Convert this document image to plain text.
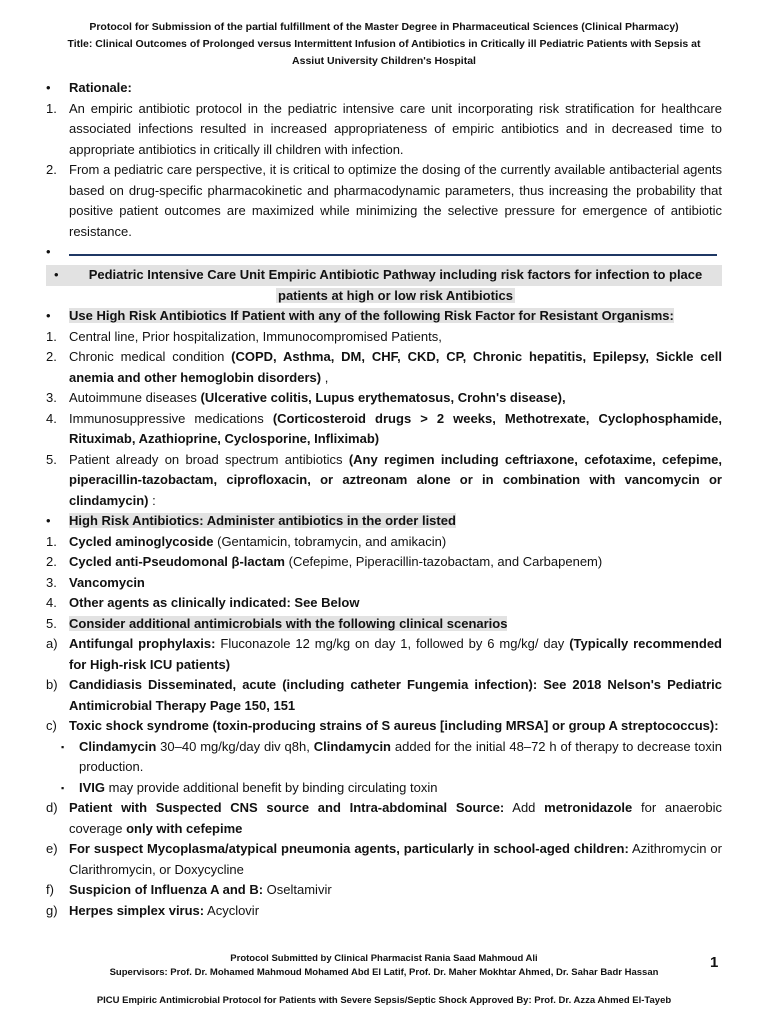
Protocol for Submission of the partial fulfillment of the Master Degree in Pharmaceutical Sciences (Clinical Pharmacy)
Title: Clinical Outcomes of Prolonged versus Intermittent Infusion of Antibiotics in Critically ill Pediatric Patients with Sepsis at
Assiut University Children's Hospital
•	Rationale:
1. An empiric antibiotic protocol in the pediatric intensive care unit incorporating risk stratification for healthcare associated infections resulted in increased appropriateness of empiric antibiotics and in decreased time to appropriate antibiotics in critically ill children with infection.
2. From a pediatric care perspective, it is critical to optimize the dosing of the currently available antibacterial agents based on drug-specific pharmacokinetic and pharmacodynamic parameters, thus increasing the probability that positive patient outcomes are maximized while minimizing the selective pressure for emergence of antibiotic resistance.
•
•	Pediatric Intensive Care Unit Empiric Antibiotic Pathway including risk factors for infection to place
patients at high or low risk Antibiotics
•	Use High Risk Antibiotics If Patient with any of the following Risk Factor for Resistant Organisms:
1. Central line, Prior hospitalization, Immunocompromised Patients,
2. Chronic medical condition (COPD, Asthma, DM, CHF, CKD, CP, Chronic hepatitis, Epilepsy, Sickle cell anemia and other hemoglobin disorders) ,
3. Autoimmune diseases (Ulcerative colitis, Lupus erythematosus, Crohn's disease),
4. Immunosuppressive medications (Corticosteroid drugs > 2 weeks, Methotrexate, Cyclophosphamide, Rituximab, Azathioprine, Cyclosporine, Infliximab)
5. Patient already on broad spectrum antibiotics (Any regimen including ceftriaxone, cefotaxime, cefepime, piperacillin-tazobactam, ciprofloxacin, or aztreonam alone or in combination with vancomycin or clindamycin) :
•	High Risk Antibiotics: Administer antibiotics in the order listed
1. Cycled aminoglycoside (Gentamicin, tobramycin, and amikacin)
2. Cycled anti-Pseudomonal β-lactam (Cefepime, Piperacillin-tazobactam, and Carbapenem)
3. Vancomycin
4. Other agents as clinically indicated: See Below
5. Consider additional antimicrobials with the following clinical scenarios
a) Antifungal prophylaxis: Fluconazole 12 mg/kg on day 1, followed by 6 mg/kg/ day (Typically recommended for High-risk ICU patients)
b) Candidiasis Disseminated, acute (including catheter Fungemia infection): See 2018 Nelson's Pediatric Antimicrobial Therapy Page 150, 151
c) Toxic shock syndrome (toxin-producing strains of S aureus [including MRSA] or group A streptococcus):
▪	Clindamycin 30–40 mg/kg/day div q8h, Clindamycin added for the initial 48–72 h of therapy to decrease toxin production.
▪	IVIG may provide additional benefit by binding circulating toxin
d) Patient with Suspected CNS source and Intra-abdominal Source: Add metronidazole for anaerobic coverage only with cefepime
e) For suspect Mycoplasma/atypical pneumonia agents, particularly in school-aged children: Azithromycin or Clarithromycin, or Doxycycline
f)	Suspicion of Influenza A and B: Oseltamivir
g) Herpes simplex virus: Acyclovir
Protocol Submitted by Clinical Pharmacist Rania Saad Mahmoud Ali
Supervisors: Prof. Dr. Mohamed Mahmoud Mohamed Abd El Latif, Prof. Dr. Maher Mokhtar Ahmed, Dr. Sahar Badr Hassan
1
PICU Empiric Antimicrobial Protocol for Patients with Severe Sepsis/Septic Shock Approved By: Prof. Dr. Azza Ahmed El-Tayeb
